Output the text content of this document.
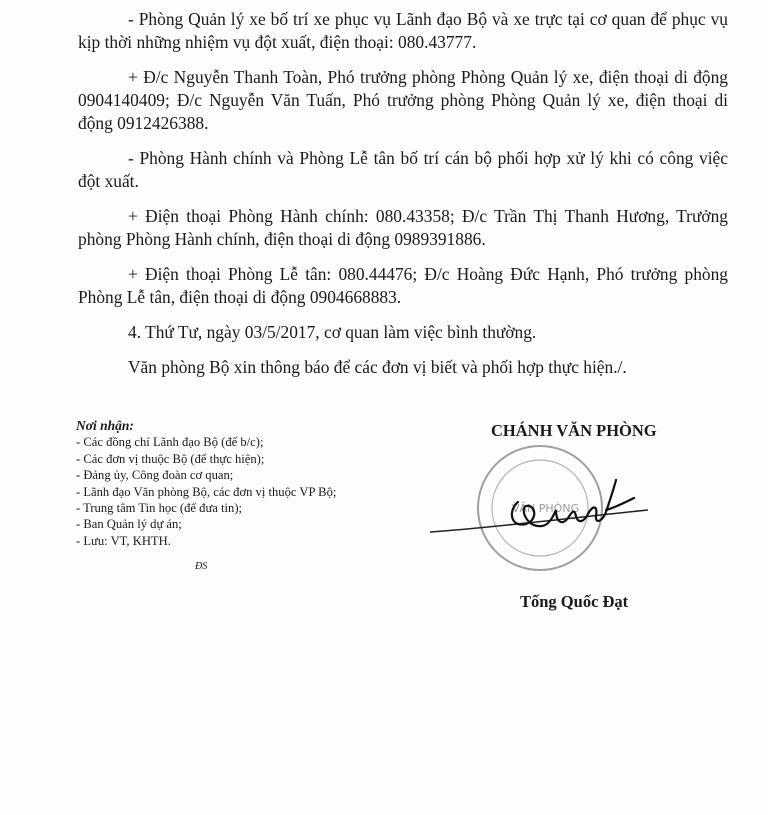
- Phòng Quản lý xe bố trí xe phục vụ Lãnh đạo Bộ và xe trực tại cơ quan để phục vụ kịp thời những nhiệm vụ đột xuất, điện thoại: 080.43777.

+ Đ/c Nguyễn Thanh Toàn, Phó trưởng phòng Phòng Quản lý xe, điện thoại di động 0904140409; Đ/c Nguyễn Văn Tuấn, Phó trưởng phòng Phòng Quản lý xe, điện thoại di động 0912426388.

- Phòng Hành chính và Phòng Lễ tân bố trí cán bộ phối hợp xử lý khi có công việc đột xuất.

+ Điện thoại Phòng Hành chính: 080.43358; Đ/c Trần Thị Thanh Hương, Trưởng phòng Phòng Hành chính, điện thoại di động 0989391886.

+ Điện thoại Phòng Lễ tân: 080.44476; Đ/c Hoàng Đức Hạnh, Phó trưởng phòng Phòng Lễ tân, điện thoại di động 0904668883.

4. Thứ Tư, ngày 03/5/2017, cơ quan làm việc bình thường.

Văn phòng Bộ xin thông báo để các đơn vị biết và phối hợp thực hiện./.

Nơi nhận:
- Các đồng chí Lãnh đạo Bộ (để b/c);
- Các đơn vị thuộc Bộ (để thực hiện);
- Đảng ủy, Công đoàn cơ quan;
- Lãnh đạo Văn phòng Bộ, các đơn vị thuộc VP Bộ;
- Trung tâm Tin học (để đưa tin);
- Ban Quản lý dự án;
- Lưu: VT, KHTH.
ĐS
CHÁNH VĂN PHÒNG
VĂN PHÒNG
Tống Quốc Đạt
